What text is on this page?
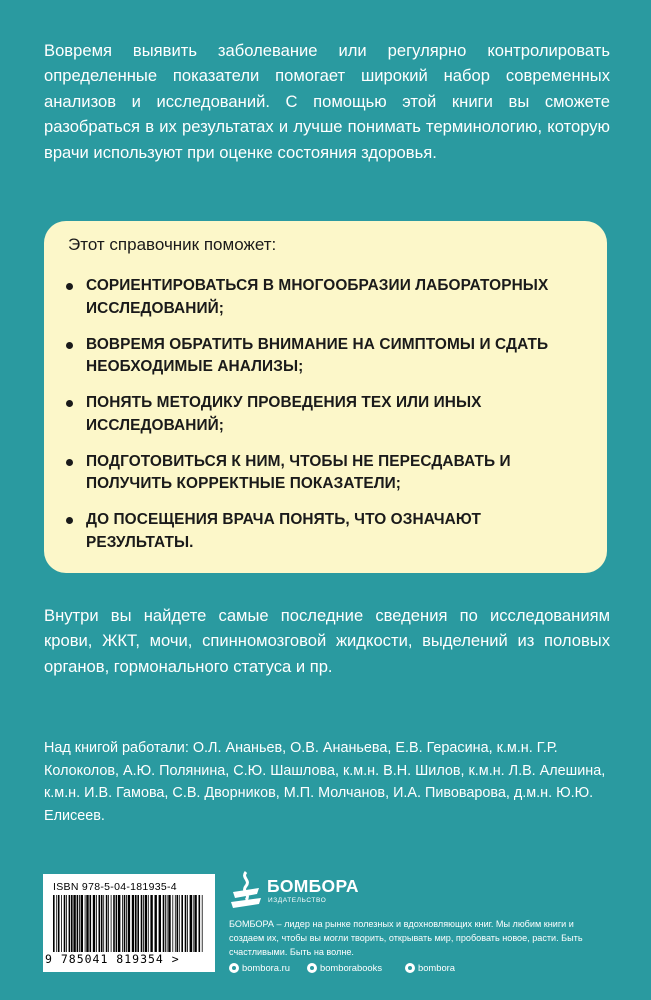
Вовремя выявить заболевание или регулярно контролировать определенные показатели помогает широкий набор современных анализов и исследований. С помощью этой книги вы сможете разобраться в их результатах и лучше понимать терминологию, которую врачи используют при оценке состояния здоровья.

Этот справочник поможет:

СОРИЕНТИРОВАТЬСЯ В МНОГООБРАЗИИ ЛАБОРАТОРНЫХ ИССЛЕДОВАНИЙ;
ВОВРЕМЯ ОБРАТИТЬ ВНИМАНИЕ НА СИМПТОМЫ И СДАТЬ НЕОБХОДИМЫЕ АНАЛИЗЫ;
ПОНЯТЬ МЕТОДИКУ ПРОВЕДЕНИЯ ТЕХ ИЛИ ИНЫХ ИССЛЕДОВАНИЙ;
ПОДГОТОВИТЬСЯ К НИМ, ЧТОБЫ НЕ ПЕРЕСДАВАТЬ И ПОЛУЧИТЬ КОРРЕКТНЫЕ ПОКАЗАТЕЛИ;
ДО ПОСЕЩЕНИЯ ВРАЧА ПОНЯТЬ, ЧТО ОЗНАЧАЮТ РЕЗУЛЬТАТЫ.

Внутри вы найдете самые последние сведения по исследованиям крови, ЖКТ, мочи, спинномозговой жидкости, выделений из половых органов, гормонального статуса и пр.

Над книгой работали: О.Л. Ананьев, О.В. Ананьева, Е.В. Герасина, к.м.н. Г.Р. Колоколов, А.Ю. Полянина, С.Ю. Шашлова, к.м.н. В.Н. Шилов, к.м.н. Л.В. Алешина, к.м.н. И.В. Гамова, С.В. Дворников, М.П. Молчанов, И.А. Пивоварова, д.м.н. Ю.Ю. Елисеев.

ISBN 978-5-04-181935-4
9 785041 819354 >
БОМБОРА
ИЗДАТЕЛЬСТВО

БОМБОРА – лидер на рынке полезных и вдохновляющих книг. Мы любим книги и создаем их, чтобы вы могли творить, открывать мир, пробовать новое, расти. Быть счастливыми. Быть на волне.

bombora.ru	bomborabooks	bombora
